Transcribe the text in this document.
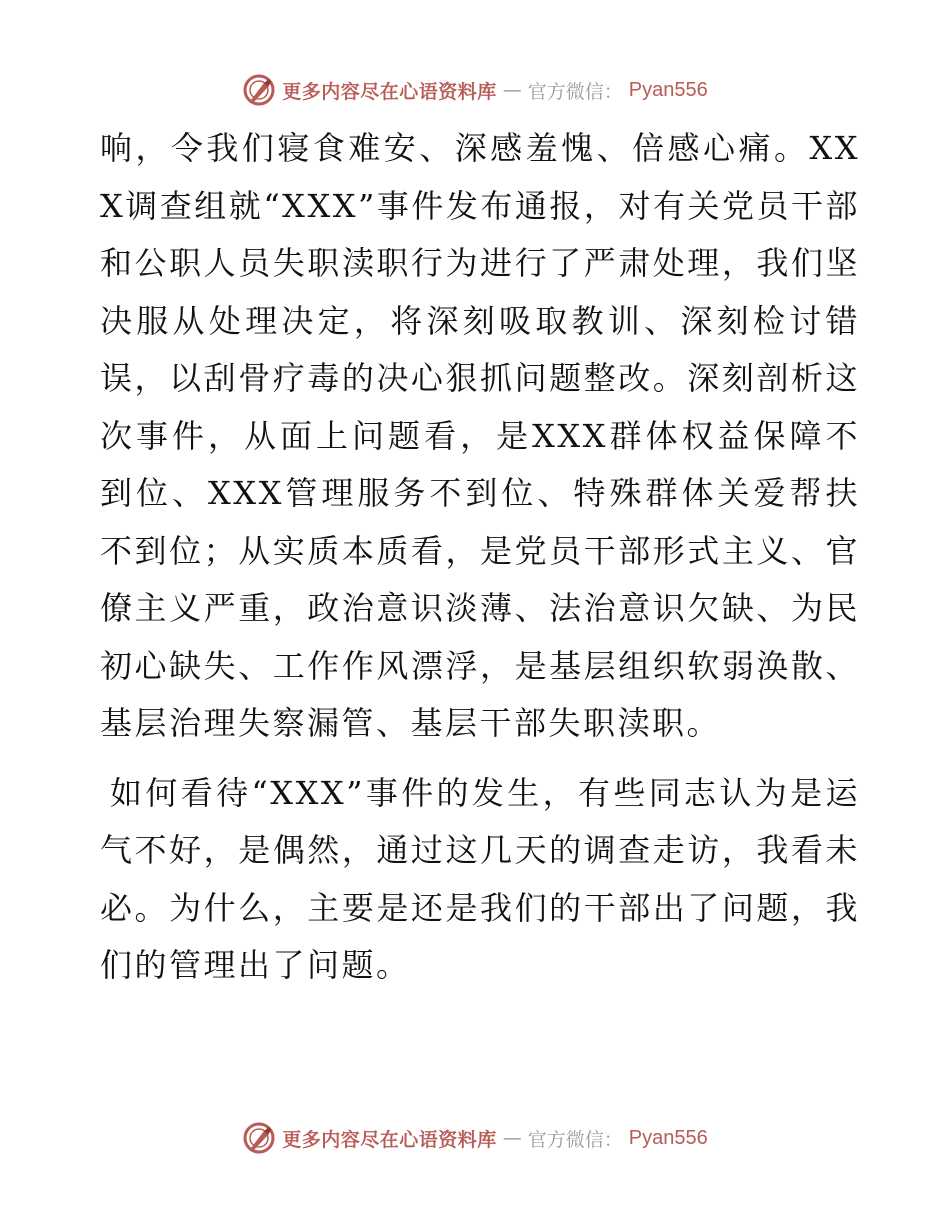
更多内容尽在心语资料库 — 官方微信： Pyan556

响，令我们寝食难安、深感羞愧、倍感心痛。XXX调查组就“XXX”事件发布通报，对有关党员干部和公职人员失职渎职行为进行了严肃处理，我们坚决服从处理决定，将深刻吸取教训、深刻检讨错误，以刮骨疗毒的决心狠抓问题整改。深刻剖析这次事件，从面上问题看，是XXX群体权益保障不到位、XXX管理服务不到位、特殊群体关爱帮扶不到位；从实质本质看，是党员干部形式主义、官僚主义严重，政治意识淡薄、法治意识欠缺、为民初心缺失、工作作风漂浮，是基层组织软弱涣散、基层治理失察漏管、基层干部失职渎职。

如何看待“XXX”事件的发生，有些同志认为是运气不好，是偶然，通过这几天的调查走访，我看未必。为什么，主要是还是我们的干部出了问题，我们的管理出了问题。

更多内容尽在心语资料库 — 官方微信： Pyan556
